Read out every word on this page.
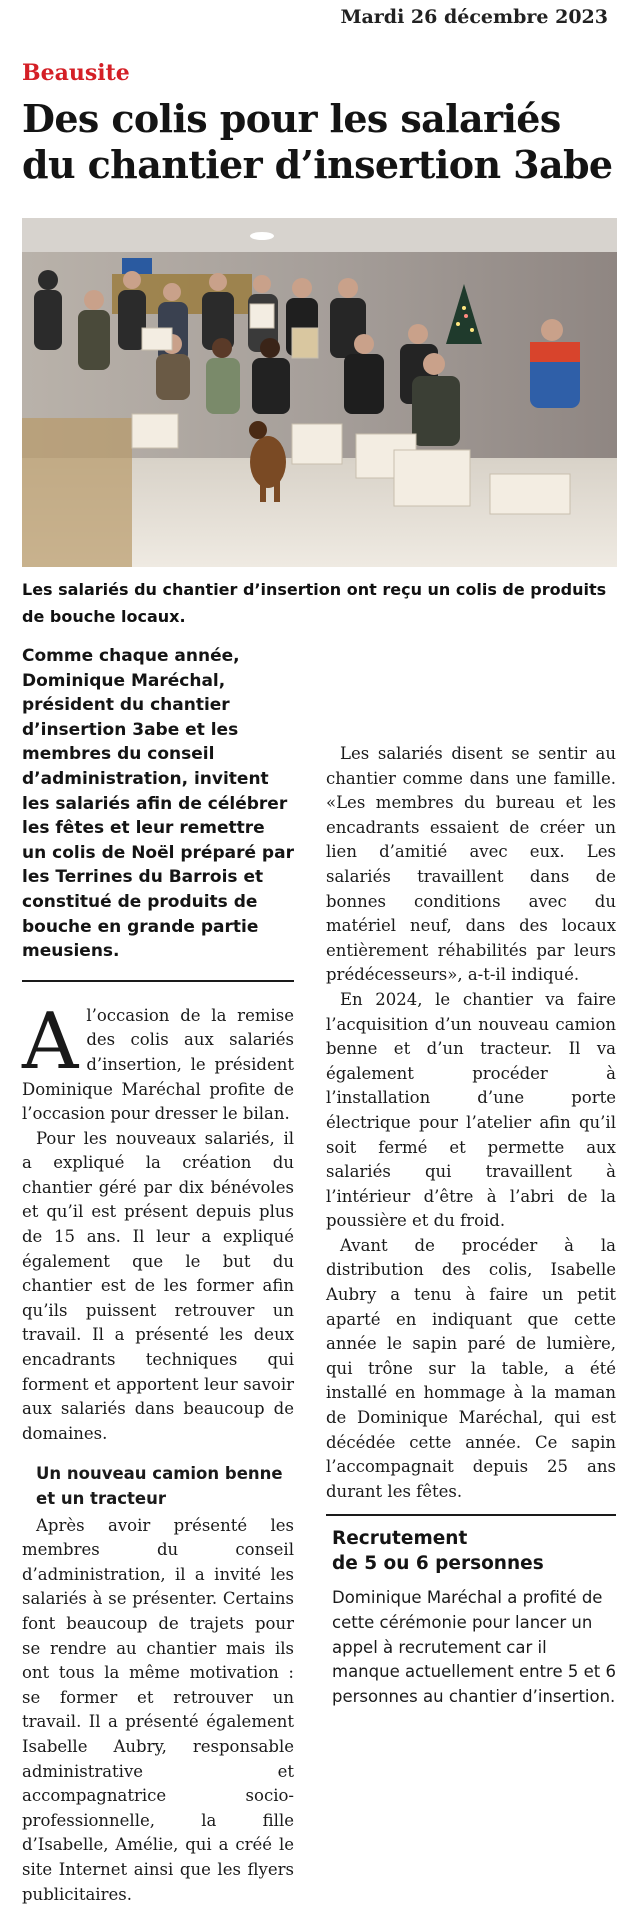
Mardi 26 décembre 2023
Beausite
Des colis pour les salariés
du chantier d’insertion 3abe

Les salariés du chantier d’insertion ont reçu un colis de produits de bouche locaux.

Comme chaque année, Dominique Maréchal, président du chantier d’insertion 3abe et les membres du conseil d’administration, invitent les salariés afin de célébrer les fêtes et leur remettre un colis de Noël préparé par les Terrines du Barrois et constitué de produits de bouche en grande partie meusiens.

Al’occasion de la remise des colis aux salariés d’insertion, le président Dominique Maréchal profite de l’occasion pour dresser le bilan.

Pour les nouveaux salariés, il a expliqué la création du chantier géré par dix bénévoles et qu’il est présent depuis plus de 15 ans. Il leur a expliqué également que le but du chantier est de les former afin qu’ils puissent retrouver un travail. Il a présenté les deux encadrants techniques qui forment et apportent leur savoir aux salariés dans beaucoup de domaines.

Un nouveau camion benne et un tracteur

Après avoir présenté les membres du conseil d’administration, il a invité les salariés à se présenter. Certains font beaucoup de trajets pour se rendre au chantier mais ils ont tous la même motivation : se former et retrouver un travail. Il a présenté également Isabelle Aubry, responsable administrative et accompagnatrice socio-professionnelle, la fille d’Isabelle, Amélie, qui a créé le site Internet ainsi que les flyers publicitaires.

Les salariés disent se sentir au chantier comme dans une famille. «Les membres du bureau et les encadrants essaient de créer un lien d’amitié avec eux. Les salariés travaillent dans de bonnes conditions avec du matériel neuf, dans des locaux entièrement réhabilités par leurs prédécesseurs», a-t-il indiqué.

En 2024, le chantier va faire l’acquisition d’un nouveau camion benne et d’un tracteur. Il va également procéder à l’installation d’une porte électrique pour l’atelier afin qu’il soit fermé et permette aux salariés qui travaillent à l’intérieur d’être à l’abri de la poussière et du froid.

Avant de procéder à la distribution des colis, Isabelle Aubry a tenu à faire un petit aparté en indiquant que cette année le sapin paré de lumière, qui trône sur la table, a été installé en hommage à la maman de Dominique Maréchal, qui est décédée cette année. Ce sapin l’accompagnait depuis 25 ans durant les fêtes.

Recrutement
de 5 ou 6 personnes

Dominique Maréchal a profité de cette cérémonie pour lancer un appel à recrutement car il manque actuellement entre 5 et 6 personnes au chantier d’insertion.
